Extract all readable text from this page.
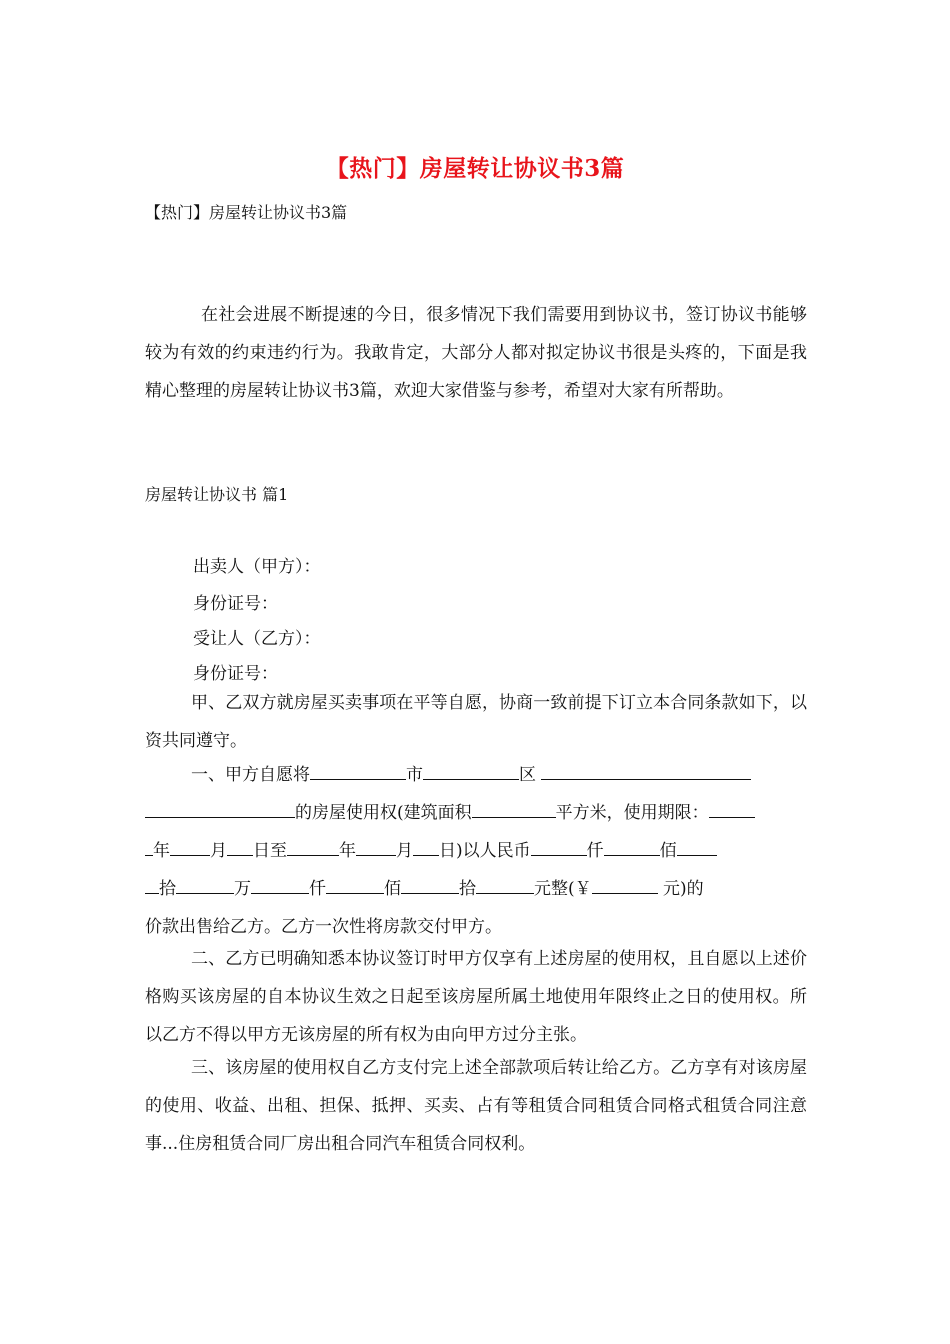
【热门】房屋转让协议书3篇
【热门】房屋转让协议书3篇

在社会进展不断提速的今日，很多情况下我们需要用到协议书，签订协议书能够较为有效的约束违约行为。我敢肯定，大部分人都对拟定协议书很是头疼的，下面是我精心整理的房屋转让协议书3篇，欢迎大家借鉴与参考，希望对大家有所帮助。

房屋转让协议书 篇1
出卖人（甲方）：
身份证号：
受让人（乙方）：
身份证号：

甲、乙双方就房屋买卖事项在平等自愿，协商一致前提下订立本合同条款如下，以资共同遵守。

一、甲方自愿将	市	区
的房屋使用权(建筑面积	平方米，使用期限：
年 月 日至	年 月 日)以人民币	仟	佰
拾	万	仟	佰	拾	元整(￥	元)的
价款出售给乙方。乙方一次性将房款交付甲方。

二、乙方已明确知悉本协议签订时甲方仅享有上述房屋的使用权，且自愿以上述价格购买该房屋的自本协议生效之日起至该房屋所属土地使用年限终止之日的使用权。所以乙方不得以甲方无该房屋的所有权为由向甲方过分主张。

三、该房屋的使用权自乙方支付完上述全部款项后转让给乙方。乙方享有对该房屋的使用、收益、出租、担保、抵押、买卖、占有等租赁合同租赁合同格式租赁合同注意事...住房租赁合同厂房出租合同汽车租赁合同权利。
